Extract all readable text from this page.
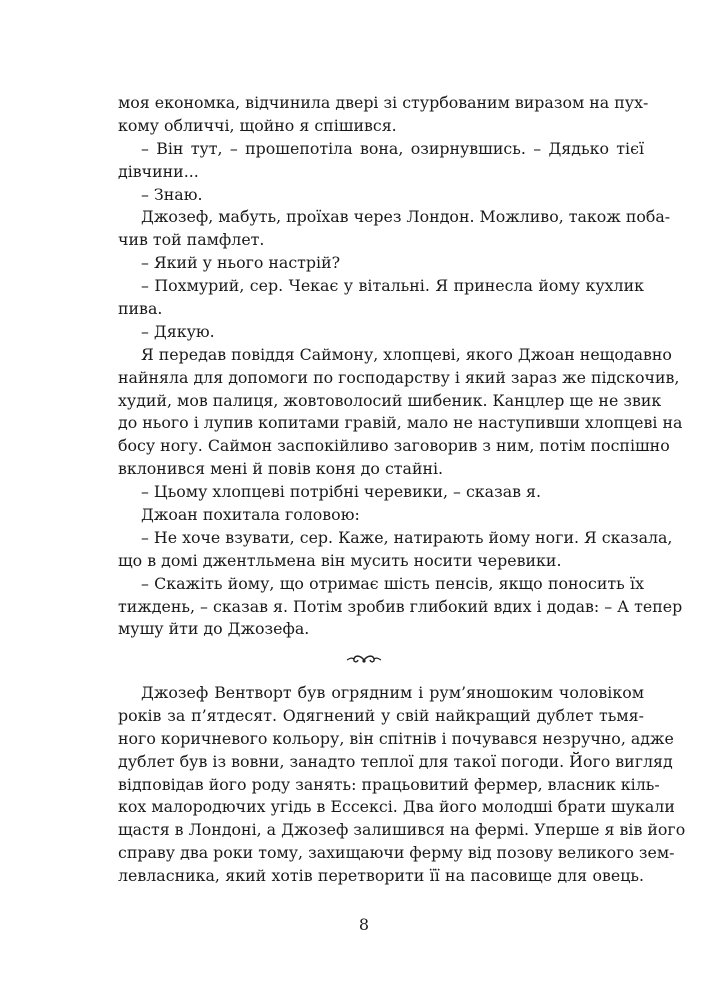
моя економка, відчинила двері зі стурбованим виразом на пух-
кому обличчі, щойно я спішився.
– Він тут, – прошепотіла вона, озирнувшись. – Дядько тієї
дівчини...
– Знаю.
Джозеф, мабуть, проїхав через Лондон. Можливо, також поба-
чив той памфлет.
– Який у нього настрій?
– Похмурий, сер. Чекає у вітальні. Я принесла йому кухлик
пива.
– Дякую.
Я передав повіддя Саймону, хлопцеві, якого Джоан нещодавно
найняла для допомоги по господарству і який зараз же підскочив,
худий, мов палиця, жовтоволосий шибеник. Канцлер ще не звик
до нього і лупив копитами гравій, мало не наступивши хлопцеві на
босу ногу. Саймон заспокійливо заговорив з ним, потім поспішно
вклонився мені й повів коня до стайні.
– Цьому хлопцеві потрібні черевики, – сказав я.
Джоан похитала головою:
– Не хоче взувати, сер. Каже, натирають йому ноги. Я сказала,
що в домі джентльмена він мусить носити черевики.
– Скажіть йому, що отримає шість пенсів, якщо поносить їх
тиждень, – сказав я. Потім зробив глибокий вдих і додав: – А тепер
мушу йти до Джозефа.
Джозеф Вентворт був огрядним і рум’яношоким чоловіком
років за п’ятдесят. Одягнений у свій найкращий дублет тьмя-
ного коричневого кольору, він спітнів і почувався незручно, адже
дублет був із вовни, занадто теплої для такої погоди. Його вигляд
відповідав його роду занять: працьовитий фермер, власник кіль-
кох малородючих угідь в Ессексі. Два його молодші брати шукали
щастя в Лондоні, а Джозеф залишився на фермі. Уперше я вів його
справу два роки тому, захищаючи ферму від позову великого зем-
левласника, який хотів перетворити її на пасовище для овець.
8
